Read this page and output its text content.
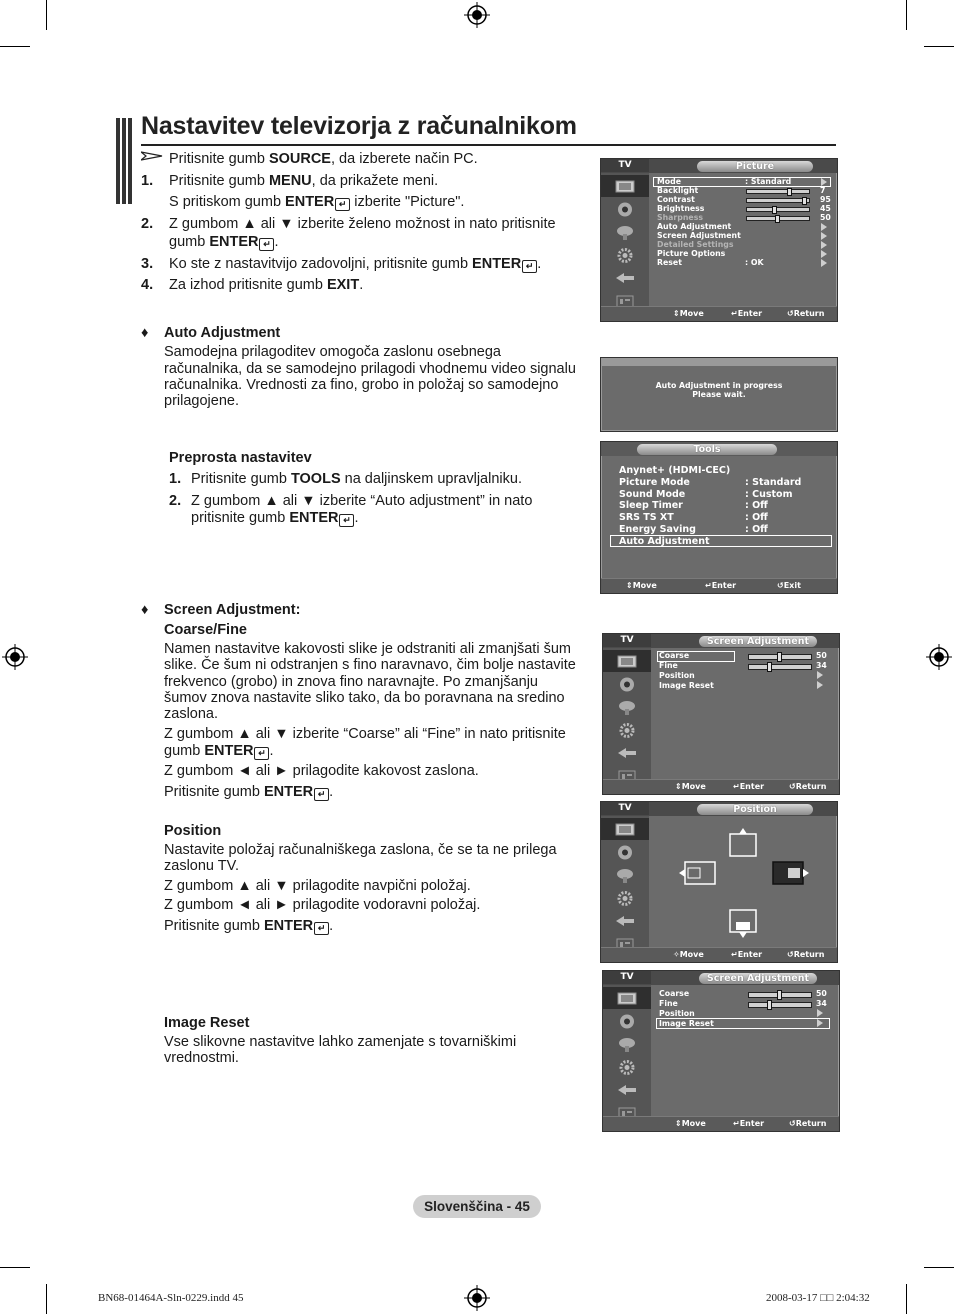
Nastavitev televizorja z računalnikom
Pritisnite gumb SOURCE, da izberete način PC.
1. Pritisnite gumb MENU, da prikažete meni.
S pritiskom gumb ENTER ↵ izberite "Picture".
2. Z gumbom ▲ ali ▼ izberite želeno možnost in nato pritisnite
gumb ENTER ↵ .
3. Ko ste z nastavitvijo zadovoljni, pritisnite gumb ENTER ↵ .
4. Za izhod pritisnite gumb EXIT.
♦ Auto Adjustment
Samodejna prilagoditev omogoča zaslonu osebnega
računalnika, da se samodejno prilagodi vhodnemu video signalu
računalnika. Vrednosti za fino, grobo in položaj so samodejno
prilagojene.
Preprosta nastavitev
1. Pritisnite gumb TOOLS na daljinskem upravljalniku.
2. Z gumbom ▲ ali ▼ izberite “Auto adjustment” in nato
pritisnite gumb ENTER ↵ .
♦ Screen Adjustment:
Coarse/Fine
Namen nastavitve kakovosti slike je odstraniti ali zmanjšati šum
slike. Če šum ni odstranjen s fino naravnavo, čim bolje nastavite
frekvenco (grobo) in znova fino naravnajte. Po zmanjšanju
šumov znova nastavite sliko tako, da bo poravnana na sredino
zaslona.
Z gumbom ▲ ali ▼ izberite “Coarse” ali “Fine” in nato pritisnite
gumb ENTER ↵ .
Z gumbom ◄ ali ► prilagodite kakovost zaslona.
Pritisnite gumb ENTER ↵ .
Position
Nastavite položaj računalniškega zaslona, če se ta ne prilega
zaslonu TV.
Z gumbom ▲ ali ▼ prilagodite navpični položaj.
Z gumbom ◄ ali ► prilagodite vodoravni položaj.
Pritisnite gumb ENTER ↵ .
Image Reset
Vse slikovne nastavitve lahko zamenjate s tovarniškimi
vrednostmi.
TV	Picture
⇕ Move	↵ Enter	↺ Return
Mode	: Standard
Backlight	7
Contrast	95
Brightness	45
Sharpness	50
Auto Adjustment
Screen Adjustment
Detailed Settings
Picture Options
Reset	: OK
Auto Adjustment in progress
Please wait.
Tools
⇕ Move	↵ Enter	↺ Exit
Anynet+ (HDMI-CEC)
Picture Mode	: Standard
Sound Mode	: Custom
Sleep Timer	: Off
SRS TS XT	: Off
Energy Saving	: Off
Auto Adjustment
TV	Screen Adjustment
Coarse	50
Fine	34
Position
Image Reset
⇕ Move	↵ Enter	↺ Return
TV	Position
✧ Move	↵ Enter	↺ Return
TV	Screen Adjustment
Coarse	50
Fine	34
Position
Image Reset
⇕ Move	↵ Enter	↺ Return
Slovenščina - 45
BN68-01464A-Sln-0229.indd 45	2008-03-17 □□ 2:04:32
